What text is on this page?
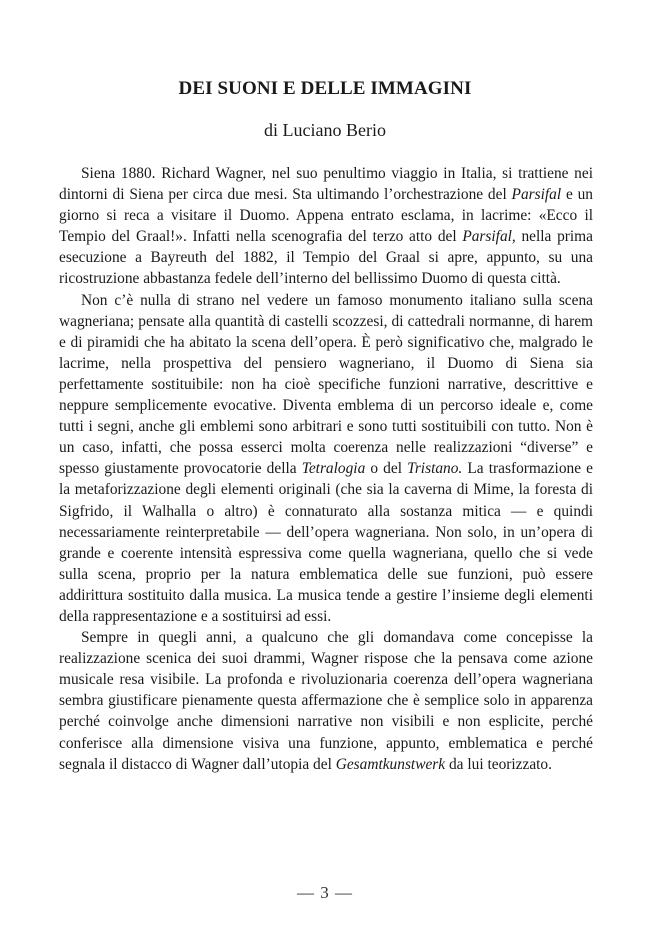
DEI SUONI E DELLE IMMAGINI
di Luciano Berio

Siena 1880. Richard Wagner, nel suo penultimo viaggio in Italia, si trattiene nei dintorni di Siena per circa due mesi. Sta ultimando l’orchestrazione del Parsifal e un giorno si reca a visitare il Duomo. Appena entrato esclama, in lacrime: «Ecco il Tempio del Graal!». Infatti nella scenografia del terzo atto del Parsifal, nella prima esecuzione a Bayreuth del 1882, il Tempio del Graal si apre, appunto, su una ricostruzione abbastanza fedele dell’interno del bellissimo Duomo di questa città.

Non c’è nulla di strano nel vedere un famoso monumento italiano sulla scena wagneriana; pensate alla quantità di castelli scozzesi, di cattedrali normanne, di harem e di piramidi che ha abitato la scena dell’opera. È però significativo che, malgrado le lacrime, nella prospettiva del pensiero wagneriano, il Duomo di Siena sia perfettamente sostituibile: non ha cioè specifiche funzioni narrative, descrittive e neppure semplicemente evocative. Diventa emblema di un percorso ideale e, come tutti i segni, anche gli emblemi sono arbitrari e sono tutti sostituibili con tutto. Non è un caso, infatti, che possa esserci molta coerenza nelle realizzazioni “diverse” e spesso giustamente provocatorie della Tetralogia o del Tristano. La trasformazione e la metaforizzazione degli elementi originali (che sia la caverna di Mime, la foresta di Sigfrido, il Walhalla o altro) è connaturato alla sostanza mitica — e quindi necessariamente reinterpretabile — dell’opera wagneriana. Non solo, in un’opera di grande e coerente intensità espressiva come quella wagneriana, quello che si vede sulla scena, proprio per la natura emblematica delle sue funzioni, può essere addirittura sostituito dalla musica. La musica tende a gestire l’insieme degli elementi della rappresentazione e a sostituirsi ad essi.

Sempre in quegli anni, a qualcuno che gli domandava come concepisse la realizzazione scenica dei suoi drammi, Wagner rispose che la pensava come azione musicale resa visibile. La profonda e rivoluzionaria coerenza dell’opera wagneriana sembra giustificare pienamente questa affermazione che è semplice solo in apparenza perché coinvolge anche dimensioni narrative non visibili e non esplicite, perché conferisce alla dimensione visiva una funzione, appunto, emblematica e perché segnala il distacco di Wagner dall’utopia del Gesamtkunstwerk da lui teorizzato.

— 3 —
